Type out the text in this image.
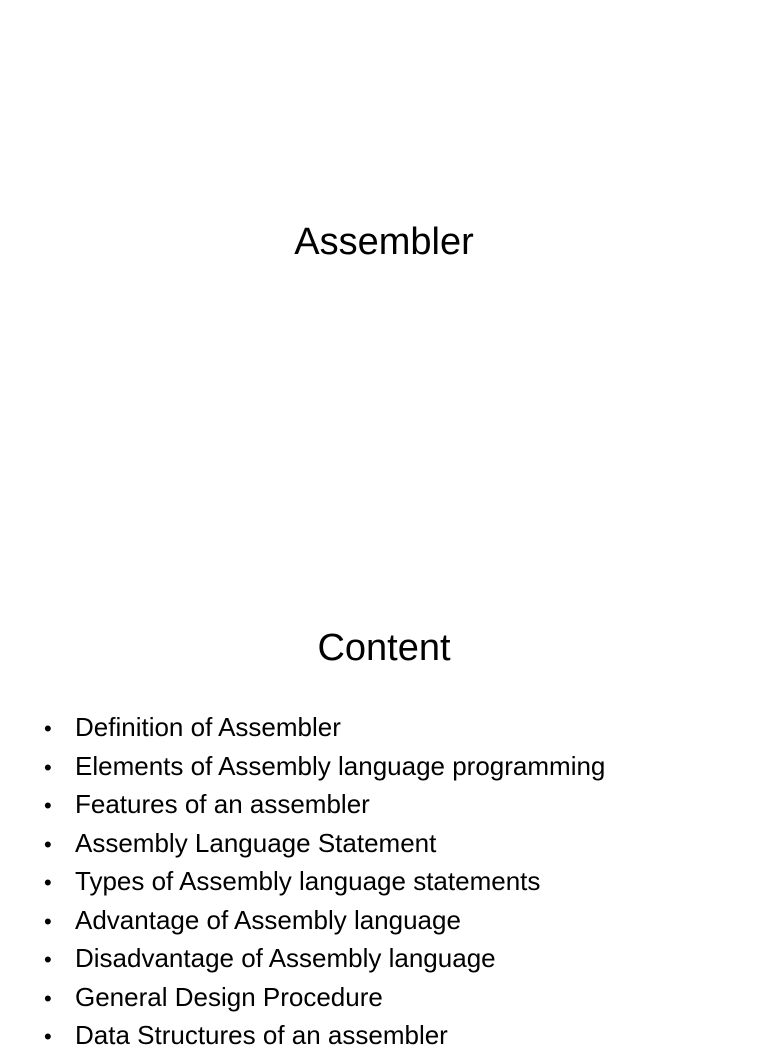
Assembler
Content
• Definition of Assembler
• Elements of Assembly language programming
• Features of an assembler
• Assembly Language Statement
• Types of Assembly language statements
• Advantage of Assembly language
• Disadvantage of Assembly language
• General Design Procedure
• Data Structures of an assembler
